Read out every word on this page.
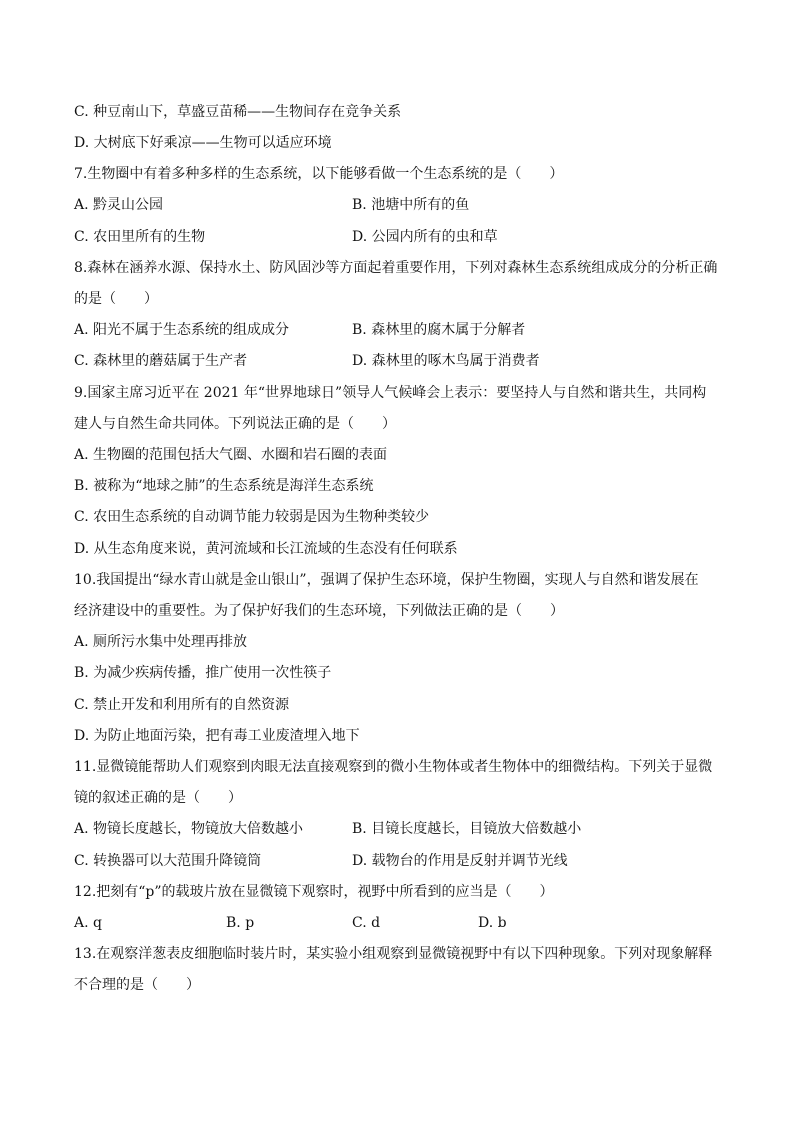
C. 种豆南山下，草盛豆苗稀——生物间存在竞争关系
D. 大树底下好乘凉——生物可以适应环境
7.生物圈中有着多种多样的生态系统，以下能够看做一个生态系统的是（　　）
A. 黔灵山公园	B. 池塘中所有的鱼
C. 农田里所有的生物	D. 公园内所有的虫和草
8.森林在涵养水源、保持水土、防风固沙等方面起着重要作用，下列对森林生态系统组成成分的分析正确
的是（　　）
A. 阳光不属于生态系统的组成成分	B. 森林里的腐木属于分解者
C. 森林里的蘑菇属于生产者	D. 森林里的啄木鸟属于消费者
9.国家主席习近平在 2021 年“世界地球日”领导人气候峰会上表示：要坚持人与自然和谐共生，共同构
建人与自然生命共同体。下列说法正确的是（　　）
A. 生物圈的范围包括大气圈、水圈和岩石圈的表面
B. 被称为“地球之肺”的生态系统是海洋生态系统
C. 农田生态系统的自动调节能力较弱是因为生物种类较少
D. 从生态角度来说，黄河流域和长江流域的生态没有任何联系
10.我国提出“绿水青山就是金山银山”，强调了保护生态环境，保护生物圈，实现人与自然和谐发展在
经济建设中的重要性。为了保护好我们的生态环境，下列做法正确的是（　　）
A. 厕所污水集中处理再排放
B. 为减少疾病传播，推广使用一次性筷子
C. 禁止开发和利用所有的自然资源
D. 为防止地面污染，把有毒工业废渣埋入地下
11.显微镜能帮助人们观察到肉眼无法直接观察到的微小生物体或者生物体中的细微结构。下列关于显微
镜的叙述正确的是（　　）
A. 物镜长度越长，物镜放大倍数越小	B. 目镜长度越长，目镜放大倍数越小
C. 转换器可以大范围升降镜筒	D. 载物台的作用是反射并调节光线
12.把刻有“p”的载玻片放在显微镜下观察时，视野中所看到的应当是（　　）
A. q	B. p	C. d	D. b
13.在观察洋葱表皮细胞临时装片时，某实验小组观察到显微镜视野中有以下四种现象。下列对现象解释
不合理的是（　　）
